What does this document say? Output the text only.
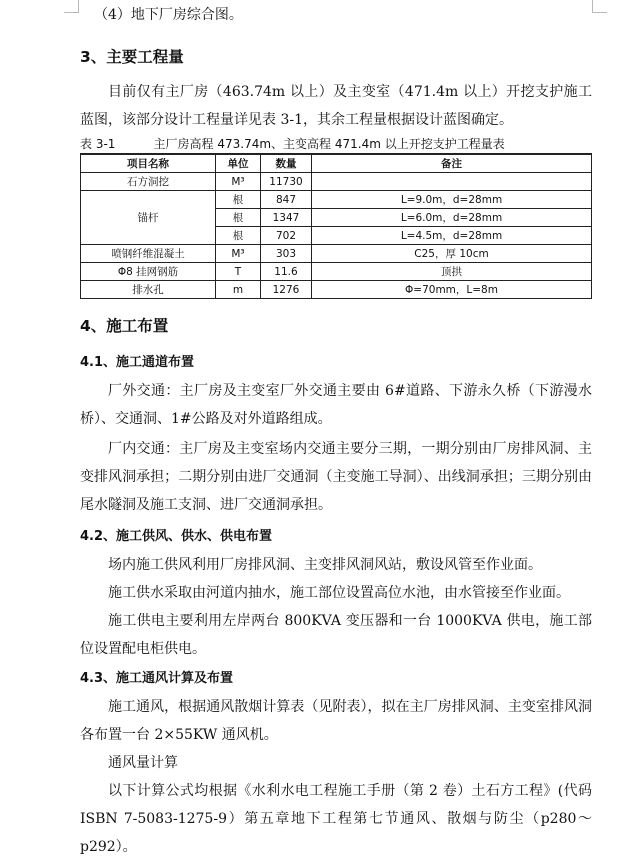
（4）地下厂房综合图。

3、主要工程量

目前仅有主厂房（463.74m 以上）及主变室（471.4m 以上）开挖支护施工蓝图，该部分设计工程量详见表 3-1，其余工程量根据设计蓝图确定。

表 3-1          主厂房高程 473.74m、主变高程 471.4m 以上开挖支护工程量表
项目名称	单位	数量	备注
石方洞挖	M³	11730	
锚杆	根	847	L=9.0m，d=28mm
	根	1347	L=6.0m，d=28mm
	根	702	L=4.5m，d=28mm
喷钢纤维混凝土	M³	303	C25，厚 10cm
Φ8 挂网钢筋	T	11.6	顶拱
排水孔	m	1276	Φ=70mm，L=8m
4、施工布置
4.1、施工通道布置

厂外交通：主厂房及主变室厂外交通主要由 6#道路、下游永久桥（下游漫水桥）、交通洞、1#公路及对外道路组成。

厂内交通：主厂房及主变室场内交通主要分三期，一期分别由厂房排风洞、主变排风洞承担；二期分别由进厂交通洞（主变施工导洞）、出线洞承担；三期分别由尾水隧洞及施工支洞、进厂交通洞承担。

4.2、施工供风、供水、供电布置

场内施工供风利用厂房排风洞、主变排风洞风站，敷设风管至作业面。

施工供水采取由河道内抽水，施工部位设置高位水池，由水管接至作业面。

施工供电主要利用左岸两台 800KVA 变压器和一台 1000KVA 供电，施工部位设置配电柜供电。

4.3、施工通风计算及布置

施工通风，根据通风散烟计算表（见附表），拟在主厂房排风洞、主变室排风洞各布置一台 2×55KW 通风机。

通风量计算

以下计算公式均根据《水利水电工程施工手册（第 2 卷）土石方工程》(代码 ISBN 7-5083-1275-9）第五章地下工程第七节通风、散烟与防尘（p280～p292）。
